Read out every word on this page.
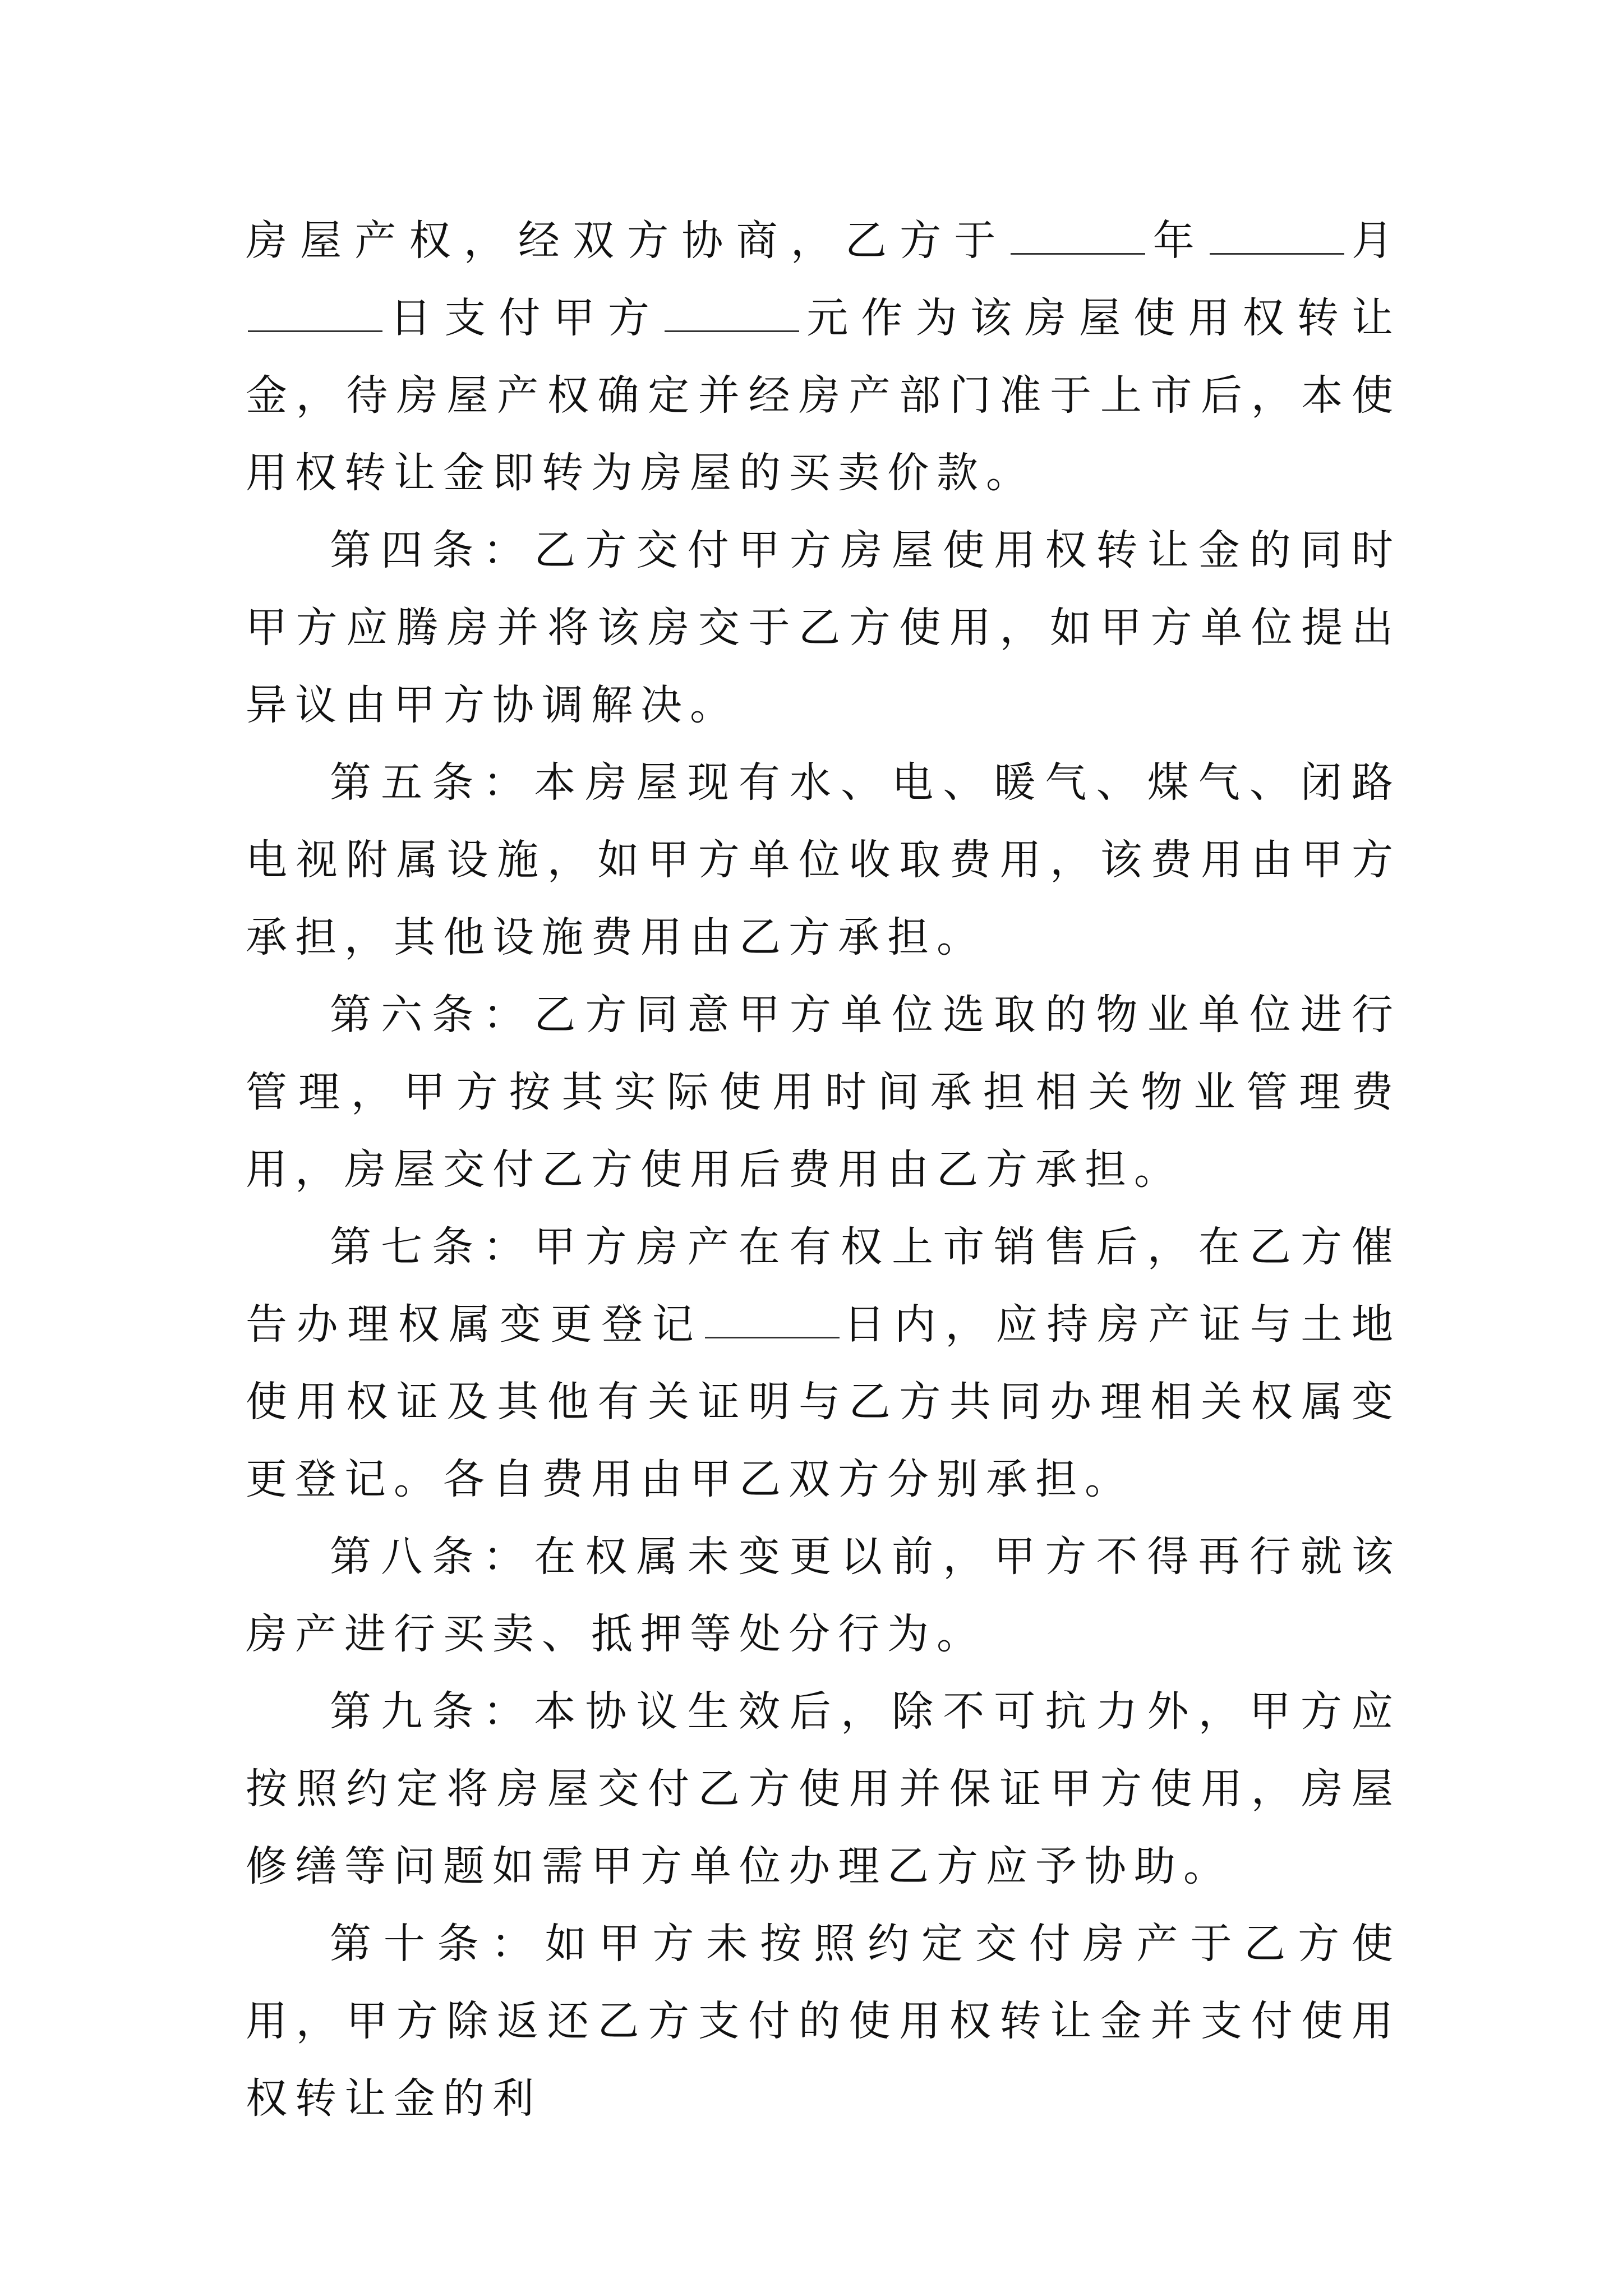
房屋产权，经双方协商，乙方于	年	月日支付甲方	元作为该房屋使用权转让金，待房屋产权确定并经房产部门准于上市后，本使用权转让金即转为房屋的买卖价款。

第四条：乙方交付甲方房屋使用权转让金的同时甲方应腾房并将该房交于乙方使用，如甲方单位提出异议由甲方协调解决。

第五条：本房屋现有水、电、暖气、煤气、闭路电视附属设施，如甲方单位收取费用，该费用由甲方承担，其他设施费用由乙方承担。

第六条：乙方同意甲方单位选取的物业单位进行管理，甲方按其实际使用时间承担相关物业管理费用，房屋交付乙方使用后费用由乙方承担。

第七条：甲方房产在有权上市销售后，在乙方催告办理权属变更登记	日内，应持房产证与土地使用权证及其他有关证明与乙方共同办理相关权属变更登记。各自费用由甲乙双方分别承担。

第八条：在权属未变更以前，甲方不得再行就该房产进行买卖、抵押等处分行为。

第九条：本协议生效后，除不可抗力外，甲方应按照约定将房屋交付乙方使用并保证甲方使用，房屋修缮等问题如需甲方单位办理乙方应予协助。

第十条：如甲方未按照约定交付房产于乙方使用，甲方除返还乙方支付的使用权转让金并支付使用权转让金的利
